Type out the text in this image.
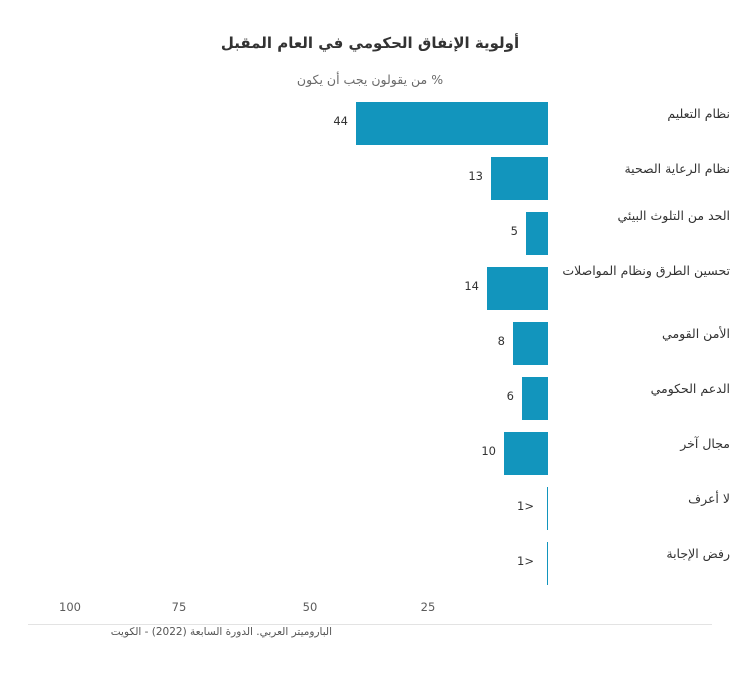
أولوية الإنفاق الحكومي في العام المقبل
% من يقولون يجب أن يكون
44	نظام التعليم
13	نظام الرعاية الصحية
5
الحد من التلوث البيئي
14
تحسين الطرق ونظام المواصلات
8	الأمن القومي
6	الدعم الحكومي
10	مجال آخر
1>	لا أعرف
1>	رفض الإجابة
100	75	50	25
الباروميتر العربي. الدورة السابعة (2022) - الكويت
